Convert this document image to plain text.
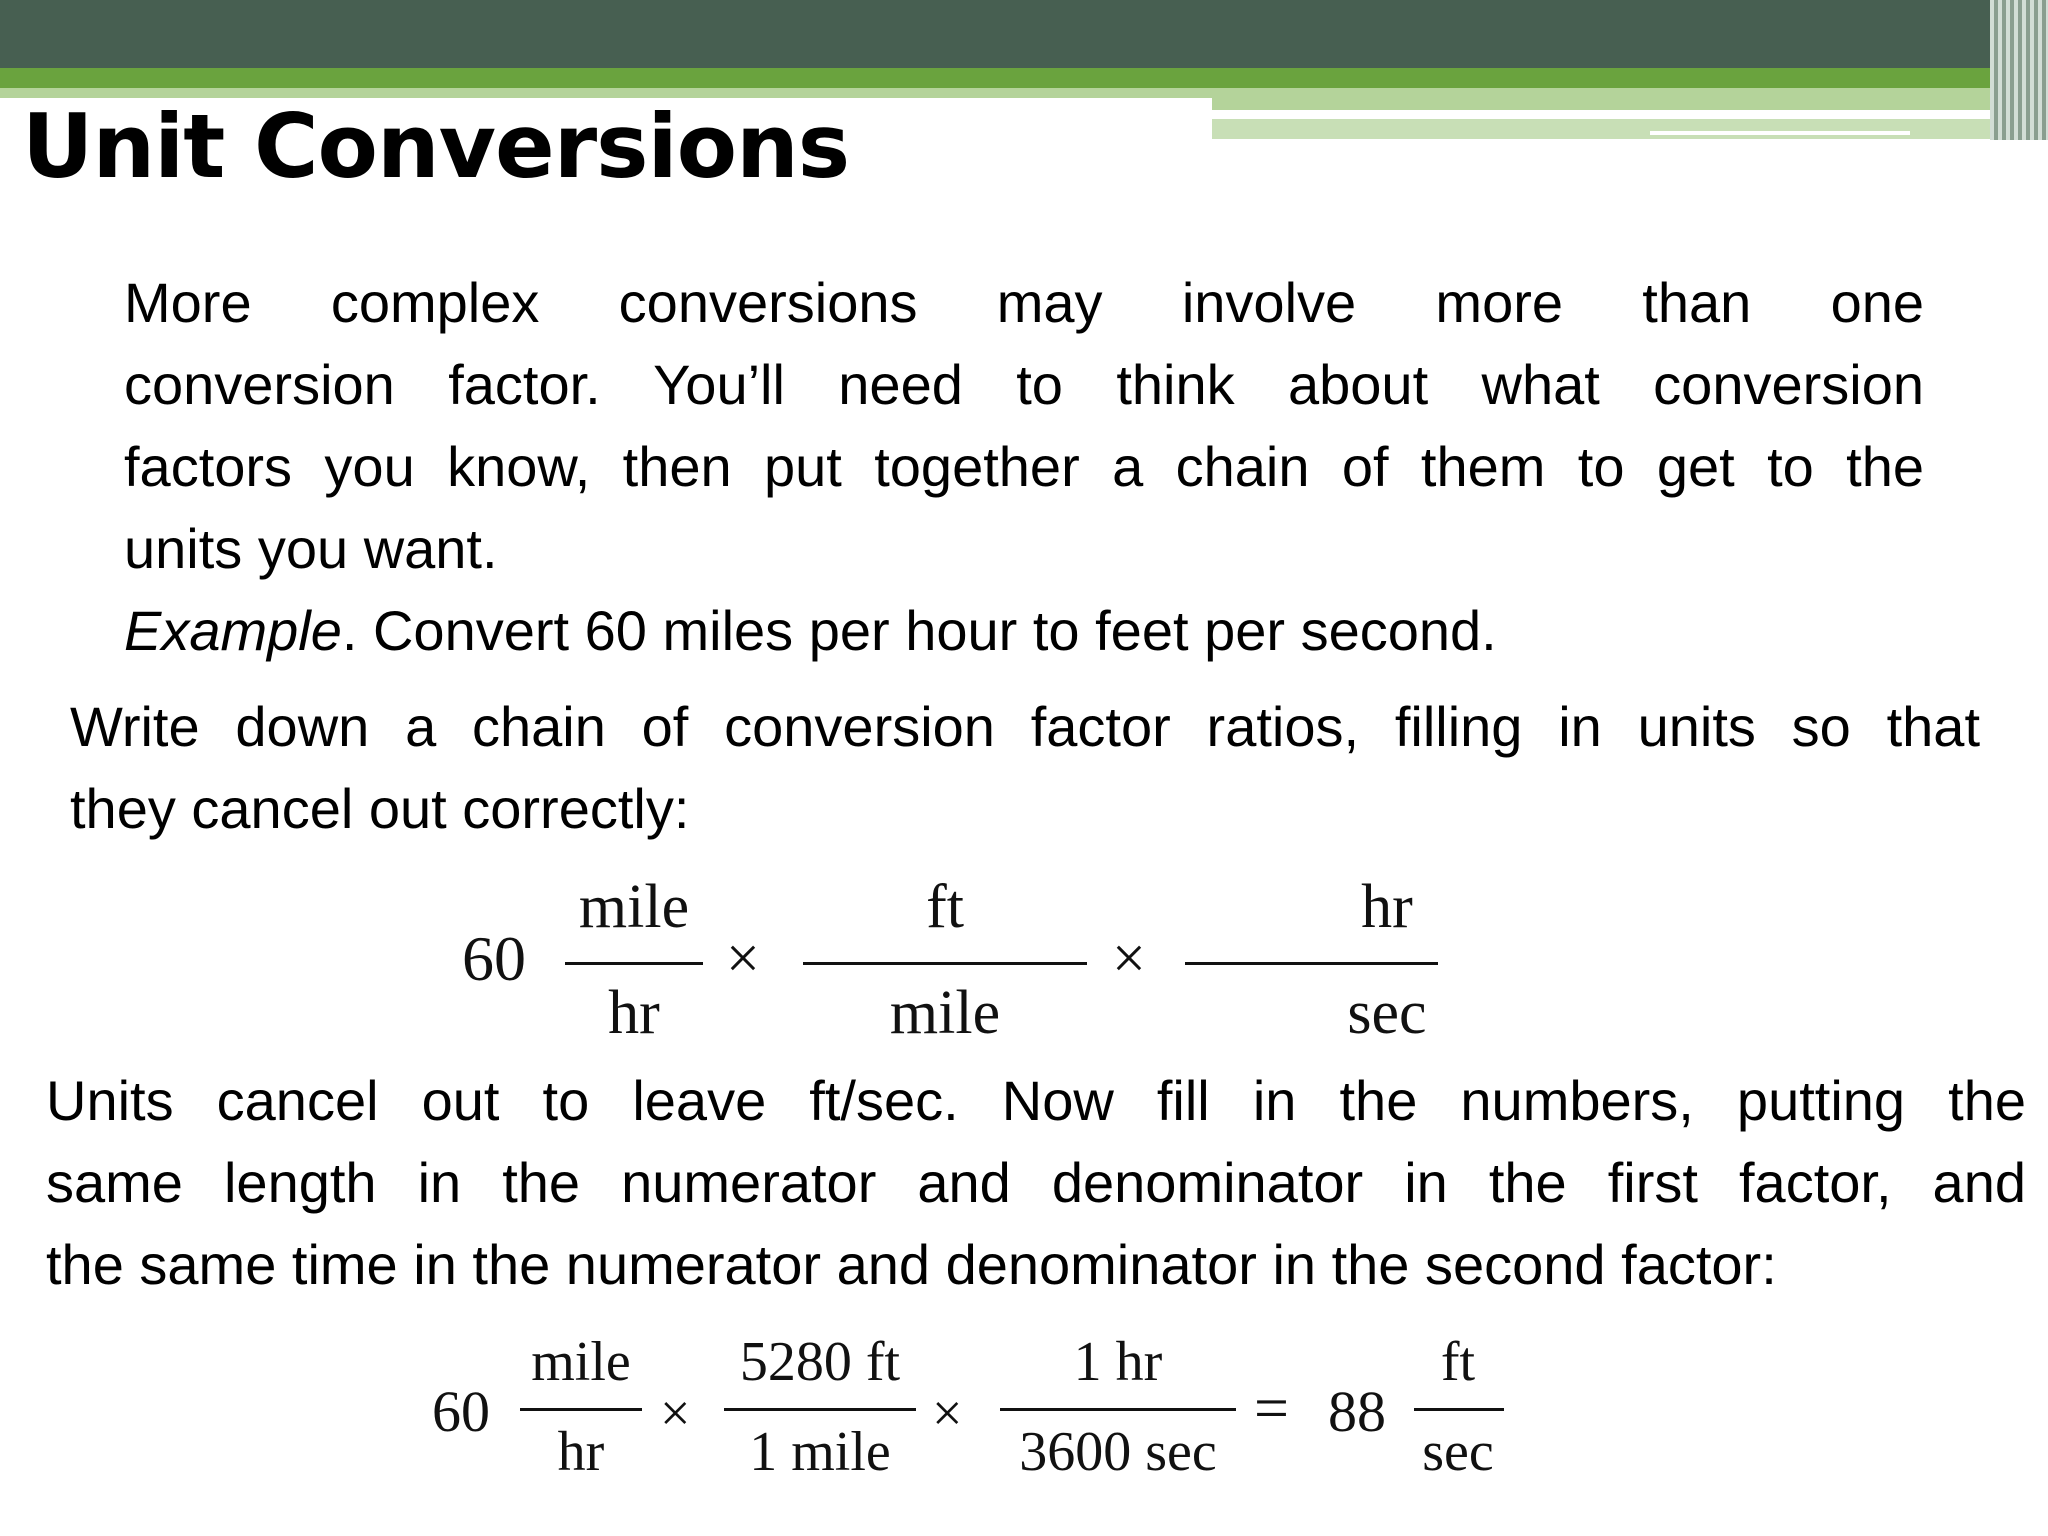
Unit Conversions
More complex conversions may involve more than one
conversion factor. You’ll need to think about what conversion
factors you know, then put together a chain of them to get to the
units you want.
Example. Convert 60 miles per hour to feet per second.
Write down a chain of conversion factor ratios, filling in units so that
they cancel out correctly:
60
mile
hr
×
ft
mile
×
hr
sec
Units cancel out to leave ft/sec. Now fill in the numbers, putting the
same length in the numerator and denominator in the first factor, and
the same time in the numerator and denominator in the second factor:
60
mile
hr
×
5280 ft
1 mile
×
1 hr
3600 sec
= 88
ft
sec
